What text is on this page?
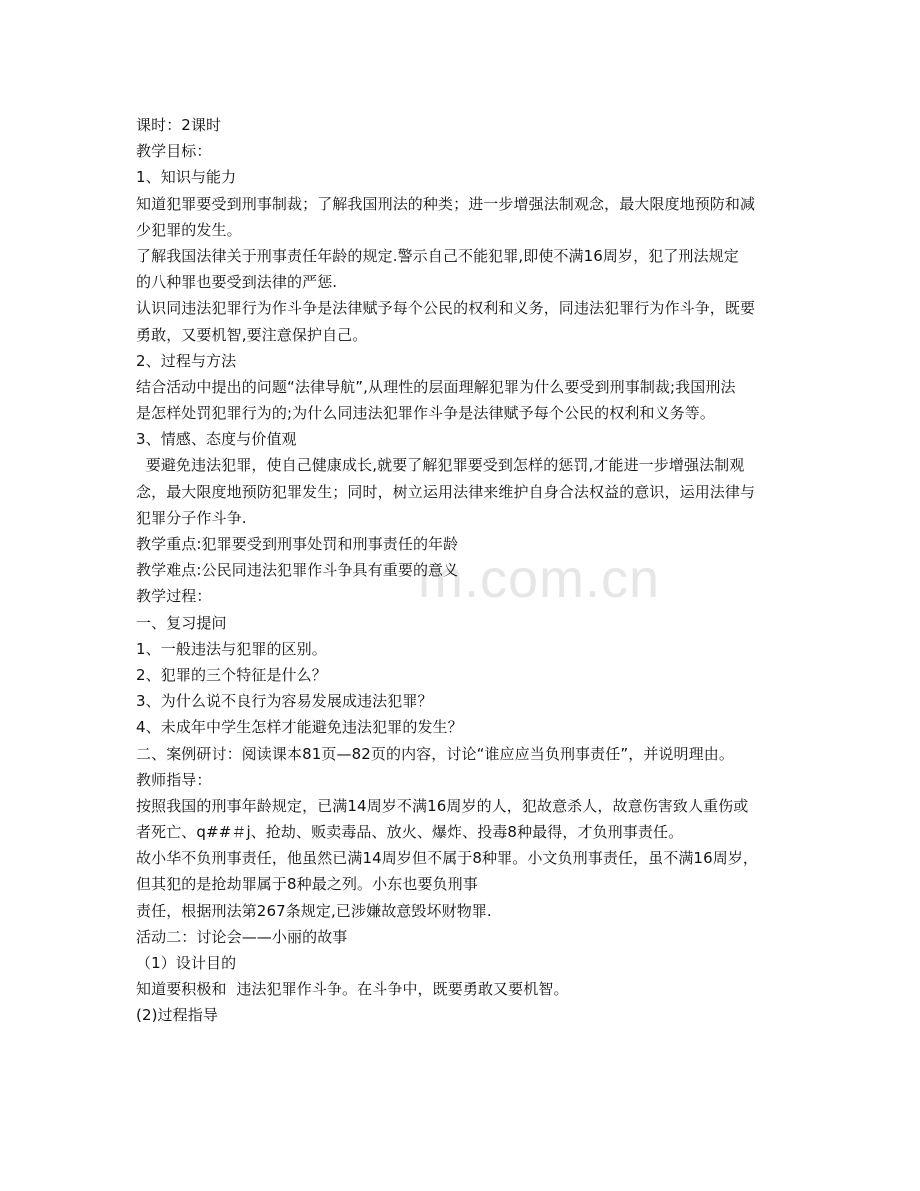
m.com.cn
课时：2课时
教学目标：
1、知识与能力
知道犯罪要受到刑事制裁；了解我国刑法的种类；进一步增强法制观念，最大限度地预防和减
少犯罪的发生。
了解我国法律关于刑事责任年龄的规定.警示自己不能犯罪,即使不满16周岁，犯了刑法规定
的八种罪也要受到法律的严惩.
认识同违法犯罪行为作斗争是法律赋予每个公民的权利和义务，同违法犯罪行为作斗争，既要
勇敢，又要机智,要注意保护自己。
2、过程与方法
结合活动中提出的问题“法律导航”,从理性的层面理解犯罪为什么要受到刑事制裁;我国刑法
是怎样处罚犯罪行为的;为什么同违法犯罪作斗争是法律赋予每个公民的权利和义务等。
3、情感、态度与价值观
要避免违法犯罪，使自己健康成长,就要了解犯罪要受到怎样的惩罚,才能进一步增强法制观
念，最大限度地预防犯罪发生；同时，树立运用法律来维护自身合法权益的意识，运用法律与
犯罪分子作斗争.
教学重点:犯罪要受到刑事处罚和刑事责任的年龄
教学难点:公民同违法犯罪作斗争具有重要的意义
教学过程：
一、复习提问
1、一般违法与犯罪的区别。
2、犯罪的三个特征是什么？
3、为什么说不良行为容易发展成违法犯罪？
4、未成年中学生怎样才能避免违法犯罪的发生？
二、案例研讨：阅读课本81页—82页的内容，讨论“谁应应当负刑事责任”，并说明理由。
教师指导：
按照我国的刑事年龄规定，已满14周岁不满16周岁的人，犯故意杀人，故意伤害致人重伤或
者死亡、q##＃j、抢劫、贩卖毒品、放火、爆炸、投毒8种最得，才负刑事责任。
故小华不负刑事责任，他虽然已满14周岁但不属于8种罪。小文负刑事责任，虽不满16周岁，
但其犯的是抢劫罪属于8种最之列。小东也要负刑事
责任，根据刑法第267条规定,已涉嫌故意毁坏财物罪.
活动二：讨论会——小丽的故事
（1）设计目的
知道要积极和  违法犯罪作斗争。在斗争中，既要勇敢又要机智。
(2)过程指导
